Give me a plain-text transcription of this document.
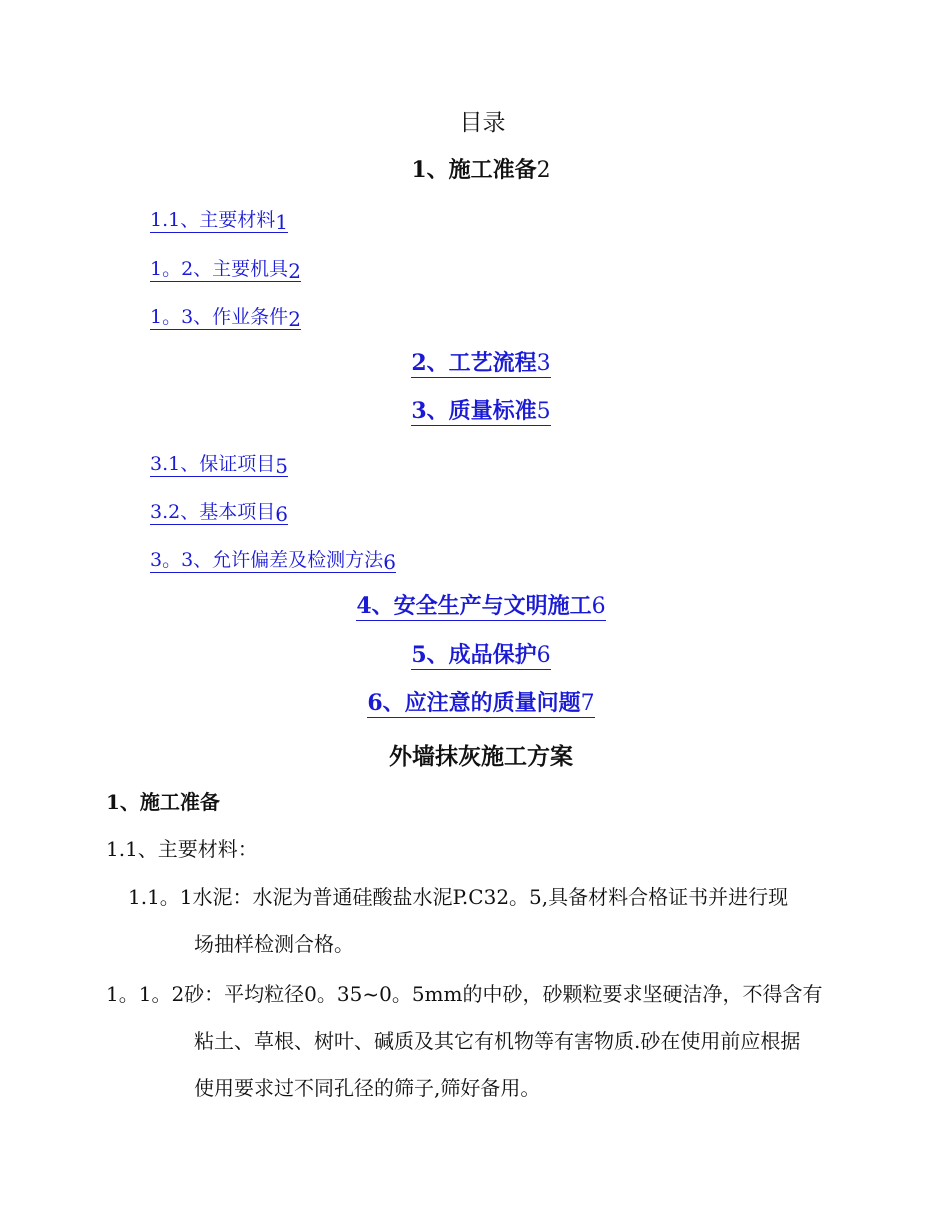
目录
1、施工准备2
1.1、主要材料1
1。2、主要机具2
1。3、作业条件2
2、工艺流程3
3、质量标准5
3.1、保证项目5
3.2、基本项目6
3。3、允许偏差及检测方法6
4、安全生产与文明施工6
5、成品保护6
6、应注意的质量问题7
外墙抹灰施工方案
1、施工准备
1.1、主要材料：
1.1。1水泥：水泥为普通硅酸盐水泥P.C32。5,具备材料合格证书并进行现
场抽样检测合格。
1。1。2砂：平均粒径0。35~0。5mm的中砂，砂颗粒要求坚硬洁净，不得含有
粘土、草根、树叶、碱质及其它有机物等有害物质.砂在使用前应根据
使用要求过不同孔径的筛子,筛好备用。
